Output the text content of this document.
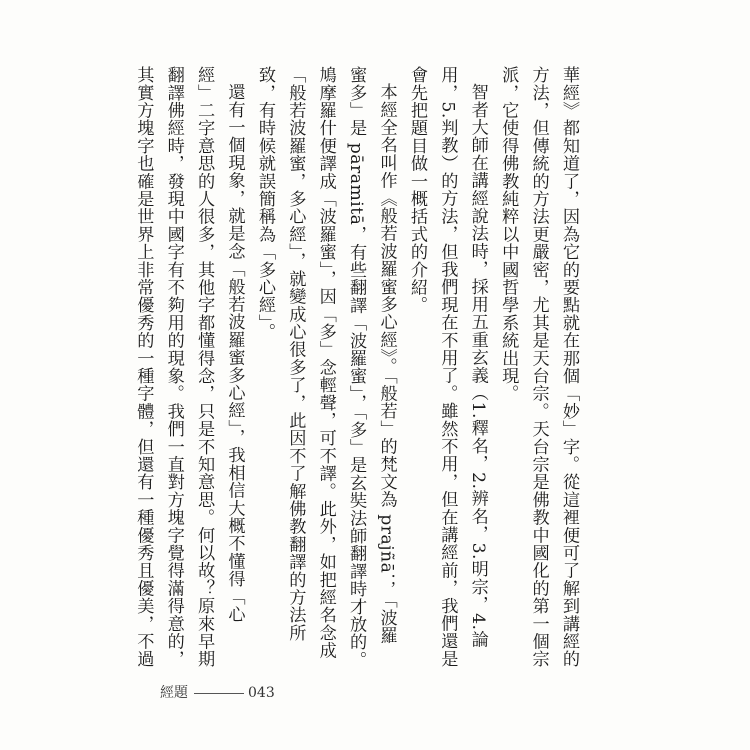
華經》都知道了，因為它的要點就在那個「妙」字。從這裡便可了解到講經的
方法，但傳統的方法更嚴密，尤其是天台宗。天台宗是佛教中國化的第一個宗
派，它使得佛教純粹以中國哲學系統出現。
智者大師在講經說法時，採用五重玄義（1.釋名，2.辨名，3.明宗，4.論
用，5.判教）的方法，但我們現在不用了。雖然不用，但在講經前，我們還是
會先把題目做一概括式的介紹。
本經全名叫作《般若波羅蜜多心經》。「般若」的梵文為 prajñā；「波羅
蜜多」是 pāramitā，有些翻譯「波羅蜜」，「多」是玄奘法師翻譯時才放的。
鳩摩羅什便譯成「波羅蜜」，因「多」念輕聲，可不譯。此外，如把經名念成
「般若波羅蜜，多心經」，就變成心很多了，此因不了解佛教翻譯的方法所
致，有時候就誤簡稱為「多心經」。
還有一個現象，就是念「般若波羅蜜多心經」，我相信大概不懂得「心
經」二字意思的人很多，其他字都懂得念，只是不知意思。何以故？原來早期
翻譯佛經時，發現中國字有不夠用的現象。我們一直對方塊字覺得滿得意的，
其實方塊字也確是世界上非常優秀的一種字體，但還有一種優秀且優美，不過
經題	043
